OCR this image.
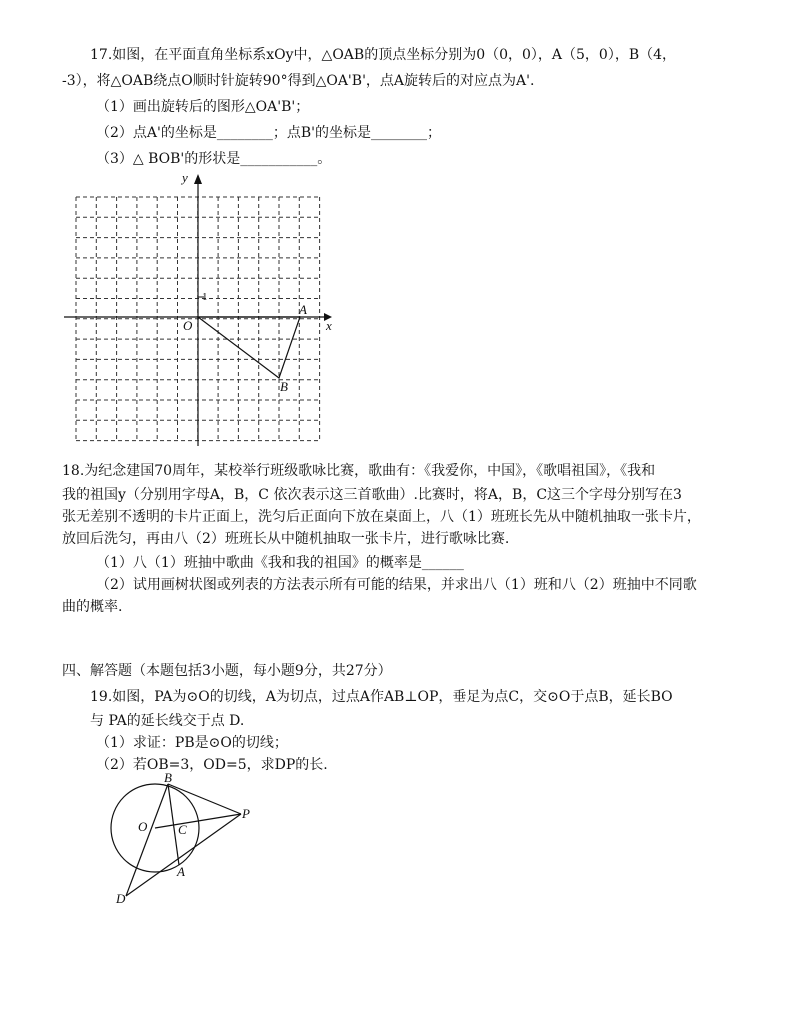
17.如图，在平面直角坐标系xOy中，△OAB的顶点坐标分别为0（0，0），A（5，0），B（4，
-3），将△OAB绕点O顺时针旋转90°得到△OA'B'，点A旋转后的对应点为A'.
（1）画出旋转后的图形△OA'B'；
（2）点A'的坐标是________；点B'的坐标是________；
（3）△ BOB'的形状是___________。
y
x
O
1
A
B
18.为纪念建国70周年，某校举行班级歌咏比赛，歌曲有：《我爱你，中国》，《歌唱祖国》，《我和
我的祖国y（分别用字母A，B，C 依次表示这三首歌曲）.比赛时，将A，B，C这三个字母分别写在3
张无差别不透明的卡片正面上，洗匀后正面向下放在桌面上，八（1）班班长先从中随机抽取一张卡片，
放回后洗匀，再由八（2）班班长从中随机抽取一张卡片，进行歌咏比赛.
（1）八（1）班抽中歌曲《我和我的祖国》的概率是______
（2）试用画树状图或列表的方法表示所有可能的结果，并求出八（1）班和八（2）班抽中不同歌
曲的概率.
四、解答题（本题包括3小题，每小题9分，共27分）
19.如图，PA为⊙O的切线，A为切点，过点A作AB⊥OP，垂足为点C，交⊙O于点B，延长BO
与 PA的延长线交于点 D.
（1）求证：PB是⊙O的切线；
（2）若OB=3，OD=5，求DP的长.
B
O C
P
A
D
